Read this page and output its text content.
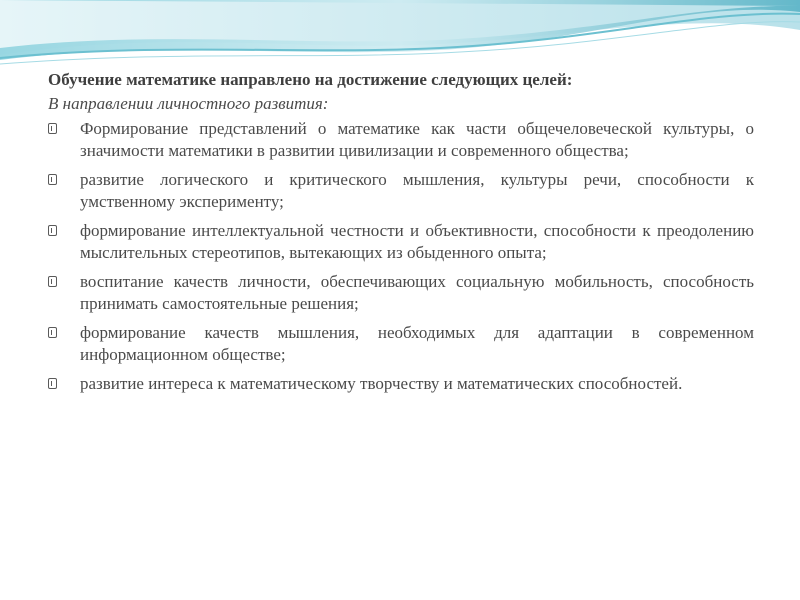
Обучение математике направлено на достижение следующих целей:

В направлении личностного развития:

Формирование представлений о математике как части общечеловеческой культуры, о значимости математики в развитии цивилизации и современного общества;
развитие логического и критического мышления, культуры речи, способности к умственному эксперименту;
формирование интеллектуальной честности и объективности, способности к преодолению мыслительных стереотипов, вытекающих из обыденного опыта;
воспитание качеств личности, обеспечивающих социальную мобильность, способность принимать самостоятельные решения;
формирование качеств мышления, необходимых для адаптации в современном информационном обществе;
развитие интереса к математическому творчеству и математических способностей.
